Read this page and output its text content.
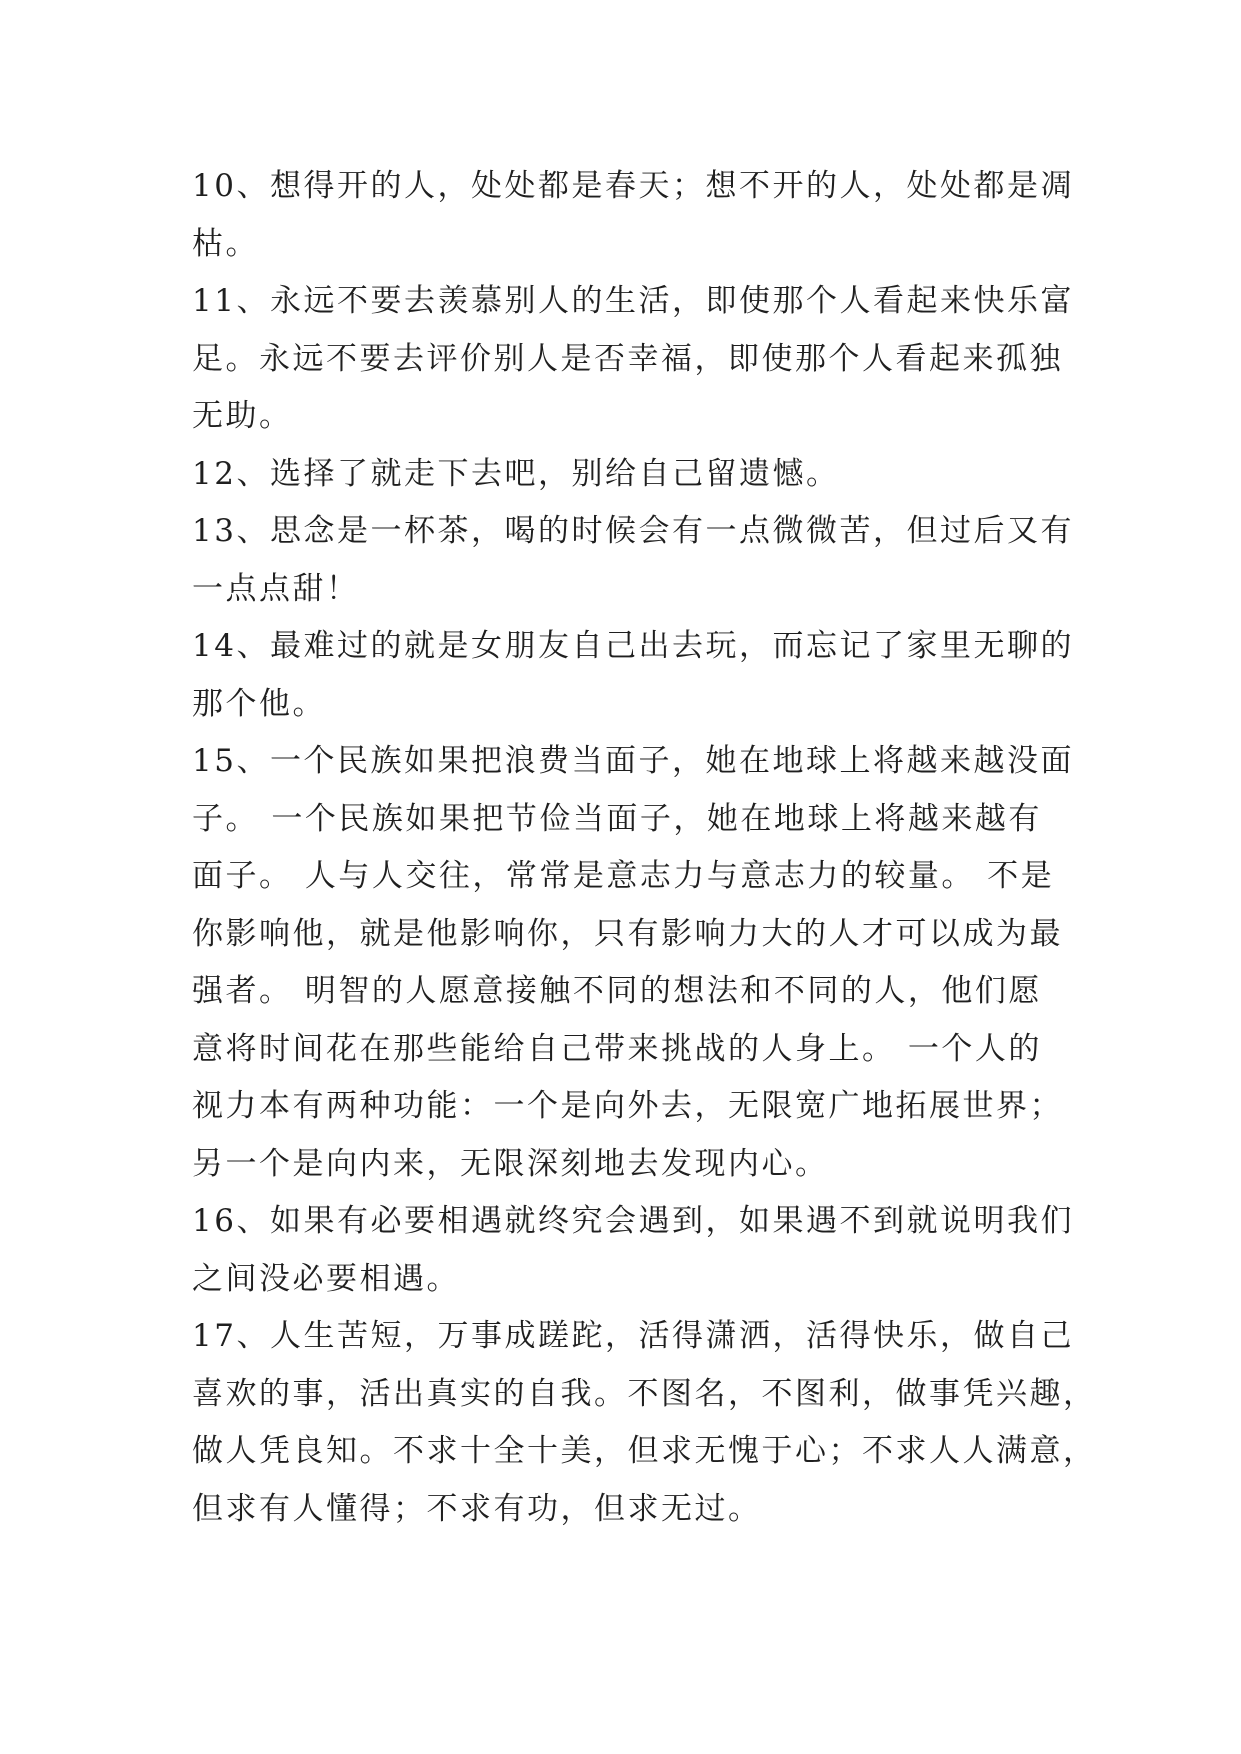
10、想得开的人，处处都是春天；想不开的人，处处都是凋
枯。
11、永远不要去羡慕别人的生活，即使那个人看起来快乐富
足。永远不要去评价别人是否幸福，即使那个人看起来孤独
无助。
12、选择了就走下去吧，别给自己留遗憾。
13、思念是一杯茶，喝的时候会有一点微微苦，但过后又有
一点点甜！
14、最难过的就是女朋友自己出去玩，而忘记了家里无聊的
那个他。
15、一个民族如果把浪费当面子，她在地球上将越来越没面
子。 一个民族如果把节俭当面子，她在地球上将越来越有
面子。 人与人交往，常常是意志力与意志力的较量。 不是
你影响他，就是他影响你，只有影响力大的人才可以成为最
强者。 明智的人愿意接触不同的想法和不同的人，他们愿
意将时间花在那些能给自己带来挑战的人身上。 一个人的
视力本有两种功能：一个是向外去，无限宽广地拓展世界；
另一个是向内来，无限深刻地去发现内心。
16、如果有必要相遇就终究会遇到，如果遇不到就说明我们
之间没必要相遇。
17、人生苦短，万事成蹉跎，活得潇洒，活得快乐，做自己
喜欢的事，活出真实的自我。不图名，不图利，做事凭兴趣，
做人凭良知。不求十全十美，但求无愧于心；不求人人满意，
但求有人懂得；不求有功，但求无过。
